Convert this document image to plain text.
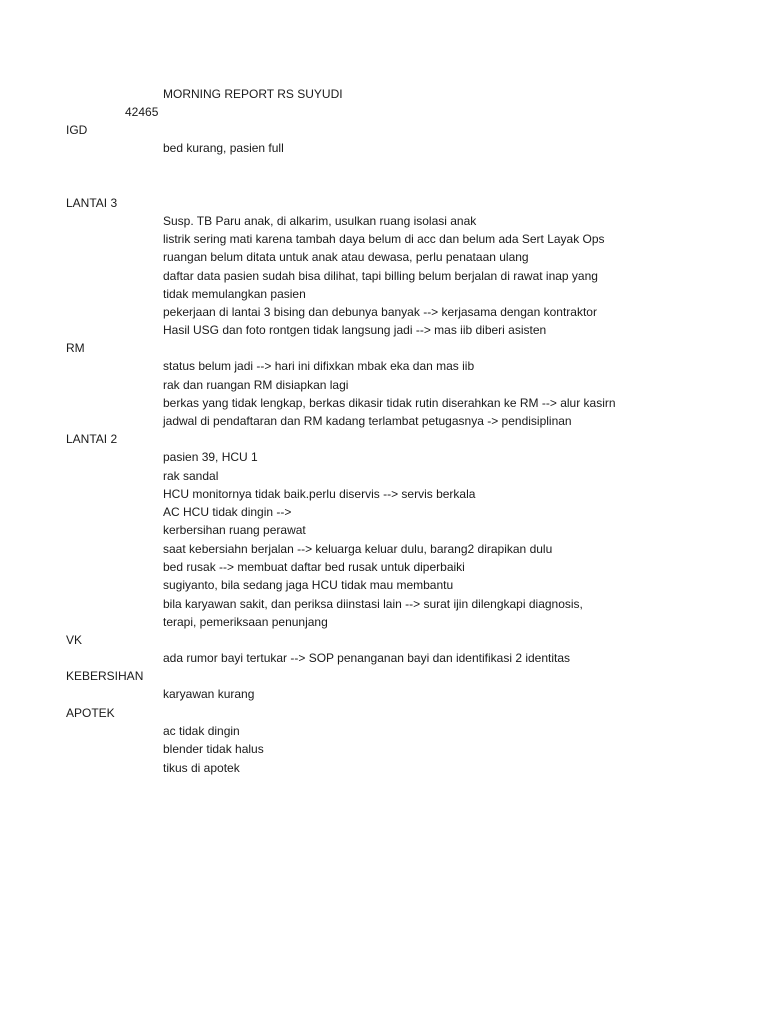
MORNING REPORT RS SUYUDI
42465
IGD
bed kurang, pasien full
LANTAI 3
Susp. TB Paru anak, di alkarim, usulkan ruang isolasi anak
listrik sering mati karena tambah daya belum di acc dan belum ada Sert Layak Ops
ruangan belum ditata untuk anak atau dewasa, perlu penataan ulang
daftar data pasien sudah bisa dilihat, tapi billing belum berjalan di rawat inap yang
tidak memulangkan pasien
pekerjaan di lantai 3 bising dan debunya banyak --> kerjasama dengan kontraktor
Hasil USG dan foto rontgen tidak langsung jadi --> mas iib diberi asisten
RM
status belum jadi --> hari ini difixkan mbak eka dan mas iib
rak dan ruangan RM disiapkan lagi
berkas yang tidak lengkap, berkas dikasir tidak rutin diserahkan ke RM --> alur kasirn
jadwal di pendaftaran dan RM kadang terlambat petugasnya -> pendisiplinan
LANTAI 2
pasien 39, HCU 1
rak sandal
HCU monitornya tidak baik.perlu diservis --> servis berkala
AC HCU tidak dingin -->
kerbersihan ruang perawat
saat kebersiahn berjalan --> keluarga keluar dulu, barang2 dirapikan dulu
bed rusak --> membuat daftar bed rusak untuk diperbaiki
sugiyanto, bila sedang jaga HCU tidak mau membantu
bila karyawan sakit, dan periksa diinstasi lain --> surat ijin dilengkapi diagnosis,
terapi, pemeriksaan penunjang
VK
ada rumor bayi tertukar --> SOP penanganan bayi dan identifikasi 2 identitas
KEBERSIHAN
karyawan kurang
APOTEK
ac tidak dingin
blender tidak halus
tikus di apotek
